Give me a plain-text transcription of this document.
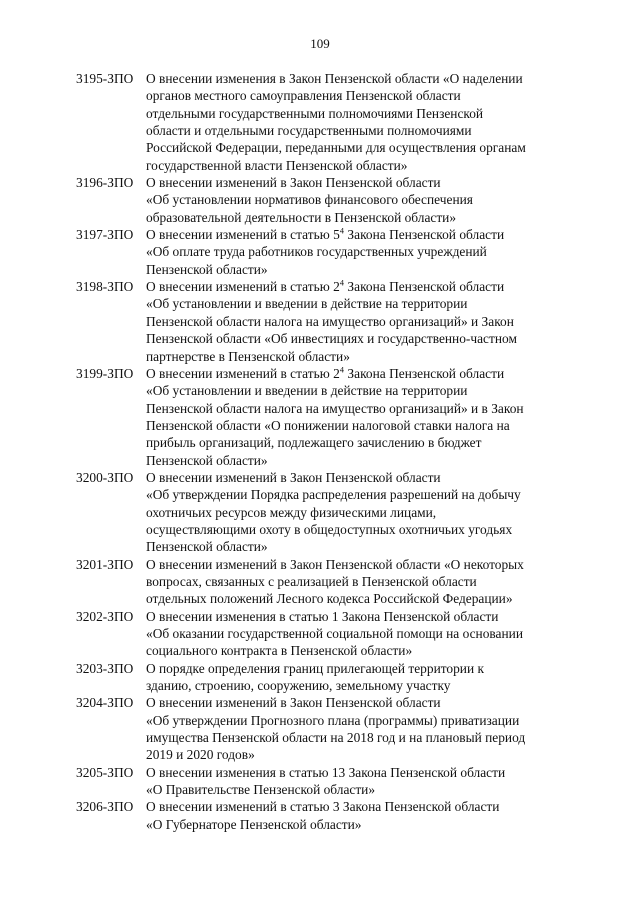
109
3195-ЗПО О внесении изменения в Закон Пензенской области «О наделении
органов местного самоуправления Пензенской области
отдельными государственными полномочиями Пензенской
области и отдельными государственными полномочиями
Российской Федерации, переданными для осуществления органам
государственной власти Пензенской области»
3196-ЗПО О внесении изменений в Закон Пензенской области
«Об установлении нормативов финансового обеспечения
образовательной деятельности в Пензенской области»
3197-ЗПО О внесении изменений в статью $5^4$ Закона Пензенской области
«Об оплате труда работников государственных учреждений
Пензенской области»
3198-ЗПО О внесении изменений в статью $2^4$ Закона Пензенской области
«Об установлении и введении в действие на территории
Пензенской области налога на имущество организаций» и Закон
Пензенской области «Об инвестициях и государственно-частном
партнерстве в Пензенской области»
3199-ЗПО О внесении изменений в статью $2^4$ Закона Пензенской области
«Об установлении и введении в действие на территории
Пензенской области налога на имущество организаций» и в Закон
Пензенской области «О понижении налоговой ставки налога на
прибыль организаций, подлежащего зачислению в бюджет
Пензенской области»
3200-ЗПО О внесении изменений в Закон Пензенской области
«Об утверждении Порядка распределения разрешений на добычу
охотничьих ресурсов между физическими лицами,
осуществляющими охоту в общедоступных охотничьих угодьях
Пензенской области»
3201-ЗПО О внесении изменений в Закон Пензенской области «О некоторых
вопросах, связанных с реализацией в Пензенской области
отдельных положений Лесного кодекса Российской Федерации»
3202-ЗПО О внесении изменения в статью 1 Закона Пензенской области
«Об оказании государственной социальной помощи на основании
социального контракта в Пензенской области»
3203-ЗПО О порядке определения границ прилегающей территории к
зданию, строению, сооружению, земельному участку
3204-ЗПО О внесении изменений в Закон Пензенской области
«Об утверждении Прогнозного плана (программы) приватизации
имущества Пензенской области на 2018 год и на плановый период
2019 и 2020 годов»
3205-ЗПО О внесении изменения в статью 13 Закона Пензенской области
«О Правительстве Пензенской области»
3206-ЗПО О внесении изменений в статью 3 Закона Пензенской области
«О Губернаторе Пензенской области»
